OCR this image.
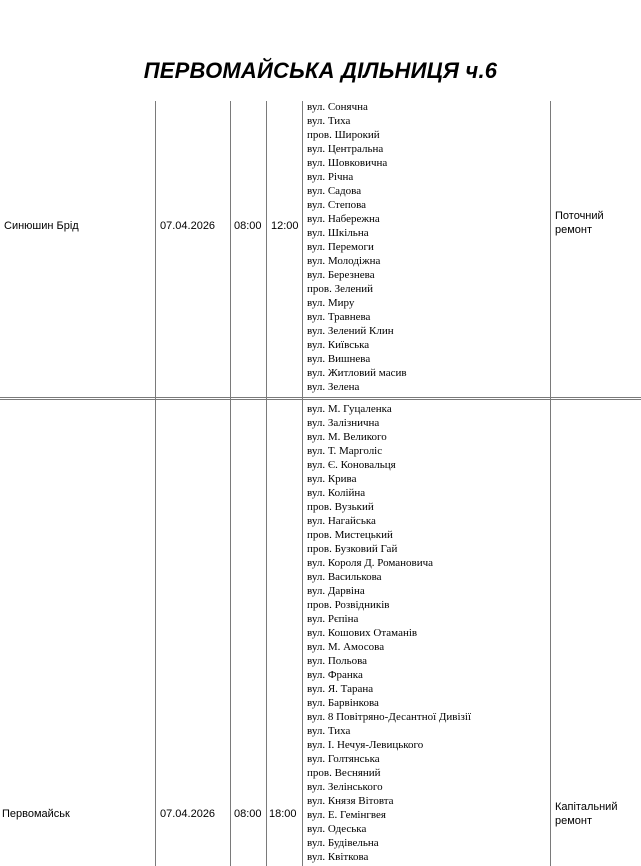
ПЕРВОМАЙСЬКА ДІЛЬНИЦЯ ч.6
Синюшин Брід	07.04.2026 08:00 12:00
вул. Сонячна
вул. Тиха
пров. Широкий
вул. Центральна
вул. Шовковична
вул. Річна
вул. Садова
вул. Степова
вул. Набережна
вул. Шкільна
вул. Перемоги
вул. Молодіжна
вул. Березнева
пров. Зелений
вул. Миру
вул. Травнева
вул. Зелений Клин
вул. Київська
вул. Вишнева
вул. Житловий масив
вул. Зелена
Поточний
ремонт
Первомайськ	07.04.2026 08:00 18:00
вул. М. Гуцаленка
вул. Залізнична
вул. М. Великого
вул. Т. Марголіс
вул. Є. Коновальця
вул. Крива
вул. Колійна
пров. Вузький
вул. Нагайська
пров. Мистецький
пров. Бузковий Гай
вул. Короля Д. Романовича
вул. Василькова
вул. Дарвіна
пров. Розвідників
вул. Рєпіна
вул. Кошових Отаманів
вул. М. Амосова
вул. Польова
вул. Франка
вул. Я. Тарана
вул. Барвінкова
вул. 8 Повітряно-Десантної Дивізії
вул. Тиха
вул. І. Нечуя-Левицького
вул. Голтянська
пров. Весняний
вул. Зелінського
вул. Князя Вітовта
вул. Е. Гемінгвея
вул. Одеська
вул. Будівельна
вул. Квіткова
Капітальний
ремонт
